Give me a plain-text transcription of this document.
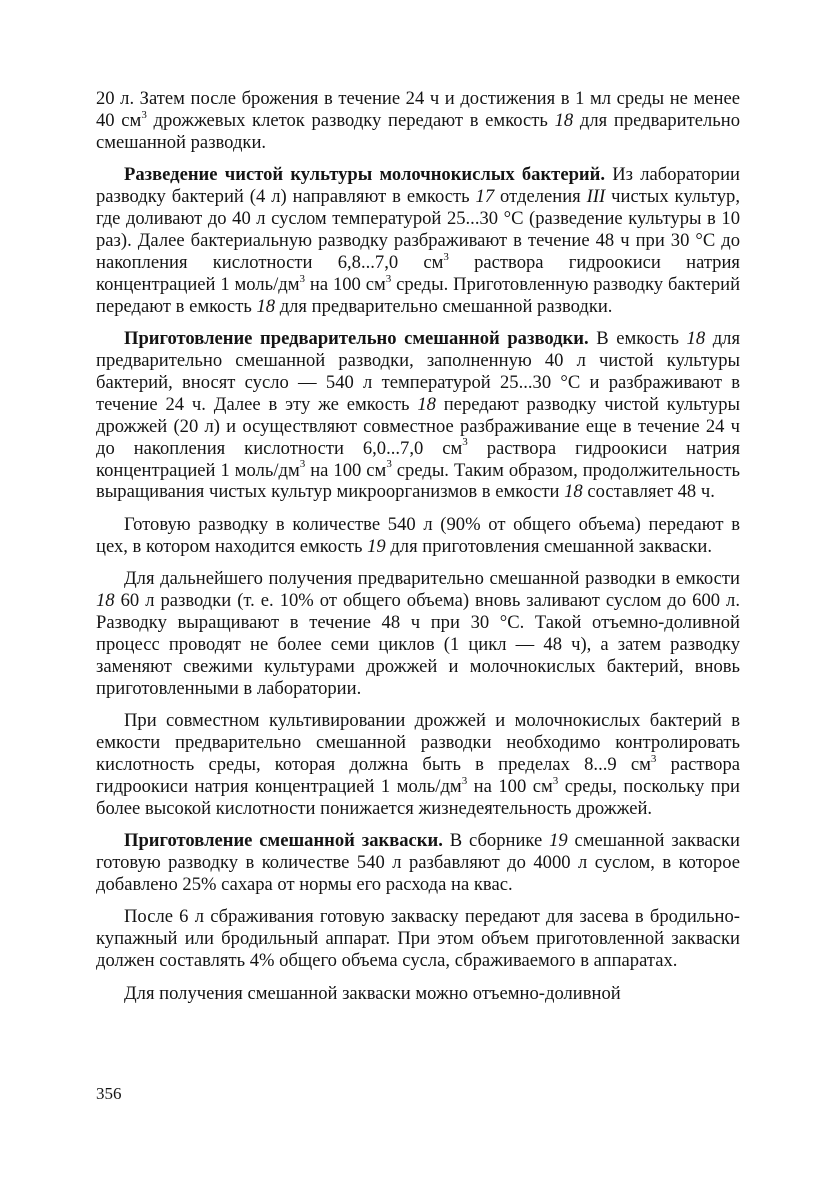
20 л. Затем после брожения в течение 24 ч и достижения в 1 мл среды не менее 40 $см^3$ дрожжевых клеток разводку передают в емкость 18 для предварительно смешанной разводки.

Разведение чистой культуры молочнокислых бактерий. Из лаборатории разводку бактерий (4 л) направляют в емкость 17 отделения III чистых культур, где доливают до 40 л суслом температурой 25...30 °С (разведение культуры в 10 раз). Далее бактериальную разводку разбраживают в течение 48 ч при 30 °С до накопления кислотности 6,8...7,0 $см^3$ раствора гидроокиси натрия концентрацией 1 моль/$дм^3$ на 100 $см^3$ среды. Приготовленную разводку бактерий передают в емкость 18 для предварительно смешанной разводки.

Приготовление предварительно смешанной разводки. В емкость 18 для предварительно смешанной разводки, заполненную 40 л чистой культуры бактерий, вносят сусло — 540 л температурой 25...30 °С и разбраживают в течение 24 ч. Далее в эту же емкость 18 передают разводку чистой культуры дрожжей (20 л) и осуществляют совместное разбраживание еще в течение 24 ч до накопления кислотности 6,0...7,0 $см^3$ раствора гидроокиси натрия концентрацией 1 моль/$дм^3$ на 100 $см^3$ среды. Таким образом, продолжительность выращивания чистых культур микроорганизмов в емкости 18 составляет 48 ч.

Готовую разводку в количестве 540 л (90% от общего объема) передают в цех, в котором находится емкость 19 для приготовления смешанной закваски.

Для дальнейшего получения предварительно смешанной разводки в емкости 18 60 л разводки (т. е. 10% от общего объема) вновь заливают суслом до 600 л. Разводку выращивают в течение 48 ч при 30 °С. Такой отъемно-доливной процесс проводят не более семи циклов (1 цикл — 48 ч), а затем разводку заменяют свежими культурами дрожжей и молочнокислых бактерий, вновь приготовленными в лаборатории.

При совместном культивировании дрожжей и молочнокислых бактерий в емкости предварительно смешанной разводки необходимо контролировать кислотность среды, которая должна быть в пределах 8...9 $см^3$ раствора гидроокиси натрия концентрацией 1 моль/$дм^3$ на 100 $см^3$ среды, поскольку при более высокой кислотности понижается жизнедеятельность дрожжей.

Приготовление смешанной закваски. В сборнике 19 смешанной закваски готовую разводку в количестве 540 л разбавляют до 4000 л суслом, в которое добавлено 25% сахара от нормы его расхода на квас.

После 6 л сбраживания готовую закваску передают для засева в бродильно-купажный или бродильный аппарат. При этом объем приготовленной закваски должен составлять 4% общего объема сусла, сбраживаемого в аппаратах.

Для получения смешанной закваски можно отъемно-доливной

356
